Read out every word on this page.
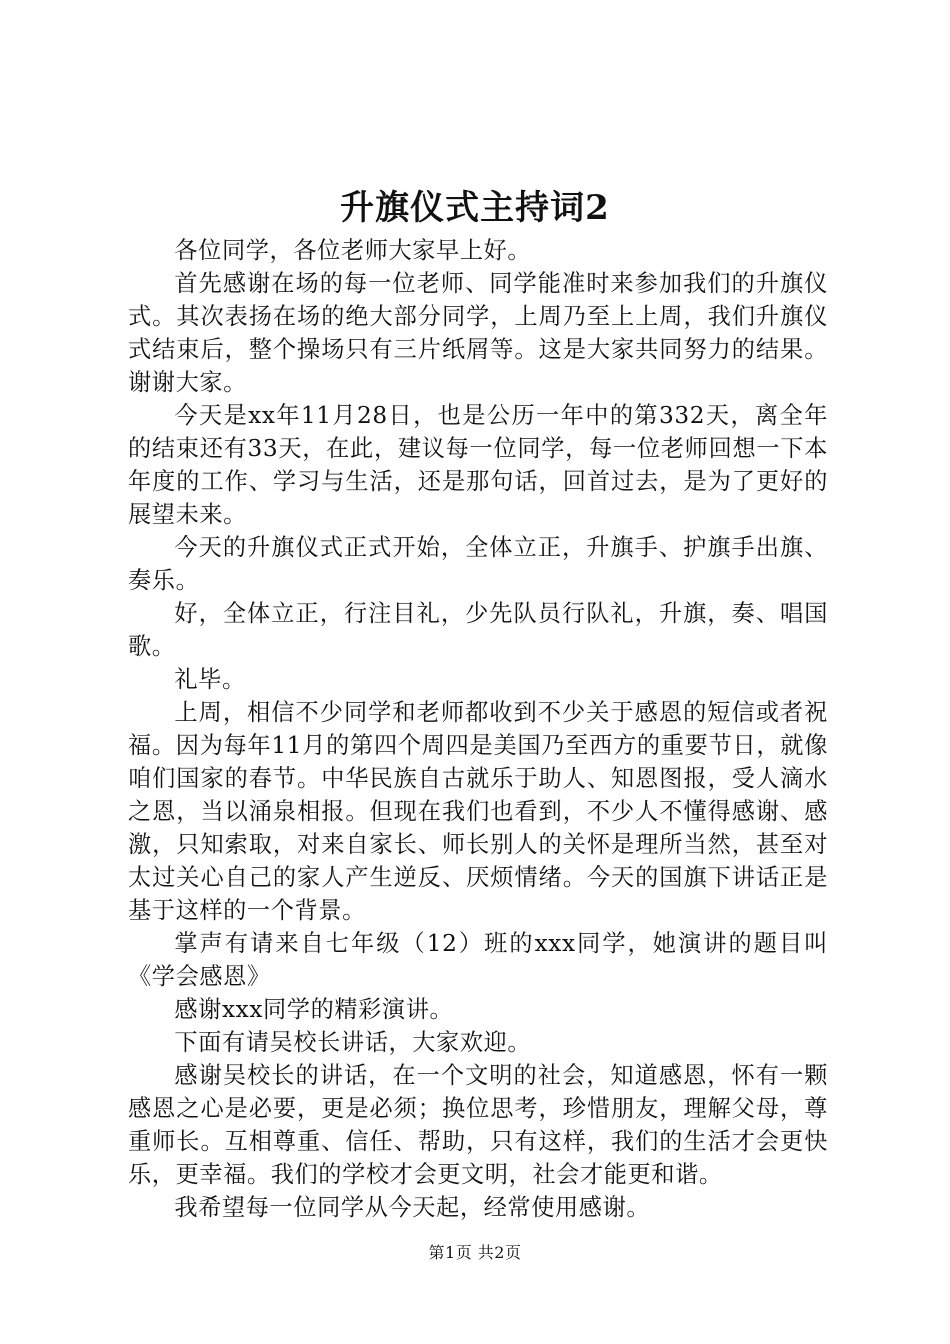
升旗仪式主持词2

各位同学，各位老师大家早上好。

首先感谢在场的每一位老师、同学能准时来参加我们的升旗仪式。其次表扬在场的绝大部分同学，上周乃至上上周，我们升旗仪式结束后，整个操场只有三片纸屑等。这是大家共同努力的结果。谢谢大家。

今天是xx年11月28日，也是公历一年中的第332天，离全年的结束还有33天，在此，建议每一位同学，每一位老师回想一下本年度的工作、学习与生活，还是那句话，回首过去，是为了更好的展望未来。

今天的升旗仪式正式开始，全体立正，升旗手、护旗手出旗、奏乐。

好，全体立正，行注目礼，少先队员行队礼，升旗，奏、唱国歌。

礼毕。

上周，相信不少同学和老师都收到不少关于感恩的短信或者祝福。因为每年11月的第四个周四是美国乃至西方的重要节日，就像咱们国家的春节。中华民族自古就乐于助人、知恩图报，受人滴水之恩，当以涌泉相报。但现在我们也看到，不少人不懂得感谢、感激，只知索取，对来自家长、师长别人的关怀是理所当然，甚至对太过关心自己的家人产生逆反、厌烦情绪。今天的国旗下讲话正是基于这样的一个背景。

掌声有请来自七年级（12）班的xxx同学，她演讲的题目叫《学会感恩》

感谢xxx同学的精彩演讲。

下面有请吴校长讲话，大家欢迎。

感谢吴校长的讲话，在一个文明的社会，知道感恩，怀有一颗感恩之心是必要，更是必须；换位思考，珍惜朋友，理解父母，尊重师长。互相尊重、信任、帮助，只有这样，我们的生活才会更快乐，更幸福。我们的学校才会更文明，社会才能更和谐。

我希望每一位同学从今天起，经常使用感谢。

第1页 共2页
